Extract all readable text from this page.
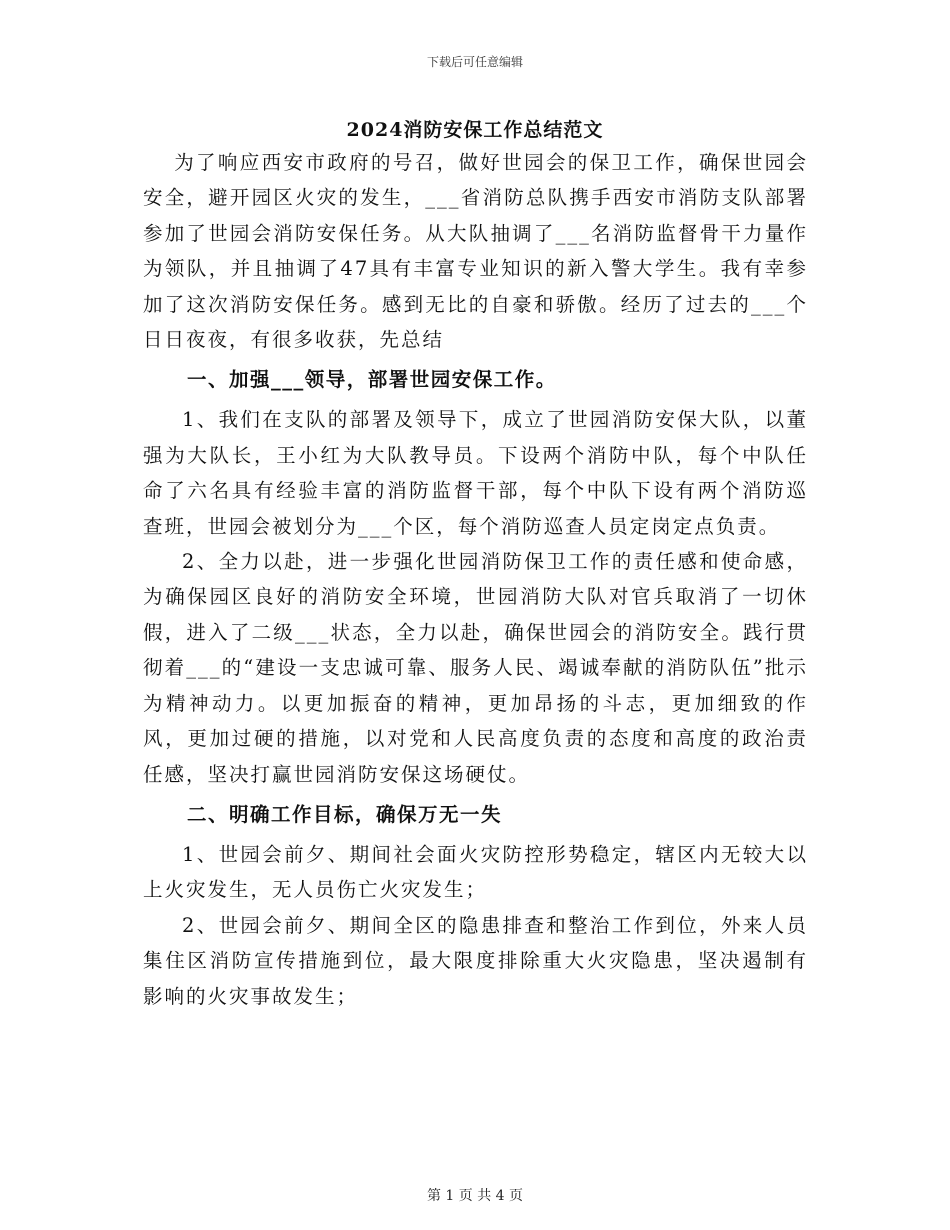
下载后可任意编辑
2024消防安保工作总结范文

为了响应西安市政府的号召，做好世园会的保卫工作，确保世园会安全，避开园区火灾的发生，___省消防总队携手西安市消防支队部署参加了世园会消防安保任务。从大队抽调了___名消防监督骨干力量作为领队，并且抽调了47具有丰富专业知识的新入警大学生。我有幸参加了这次消防安保任务。感到无比的自豪和骄傲。经历了过去的___个日日夜夜，有很多收获，先总结

一、加强___领导，部署世园安保工作。

1、我们在支队的部署及领导下，成立了世园消防安保大队，以董强为大队长，王小红为大队教导员。下设两个消防中队，每个中队任命了六名具有经验丰富的消防监督干部，每个中队下设有两个消防巡查班，世园会被划分为___个区，每个消防巡查人员定岗定点负责。

2、全力以赴，进一步强化世园消防保卫工作的责任感和使命感，为确保园区良好的消防安全环境，世园消防大队对官兵取消了一切休假，进入了二级___状态，全力以赴，确保世园会的消防安全。践行贯彻着___的“建设一支忠诚可靠、服务人民、竭诚奉献的消防队伍”批示为精神动力。以更加振奋的精神，更加昂扬的斗志，更加细致的作风，更加过硬的措施，以对党和人民高度负责的态度和高度的政治责任感，坚决打赢世园消防安保这场硬仗。

二、明确工作目标，确保万无一失

1、世园会前夕、期间社会面火灾防控形势稳定，辖区内无较大以上火灾发生，无人员伤亡火灾发生；

2、世园会前夕、期间全区的隐患排查和整治工作到位，外来人员集住区消防宣传措施到位，最大限度排除重大火灾隐患，坚决遏制有影响的火灾事故发生；

第 1 页 共 4 页
